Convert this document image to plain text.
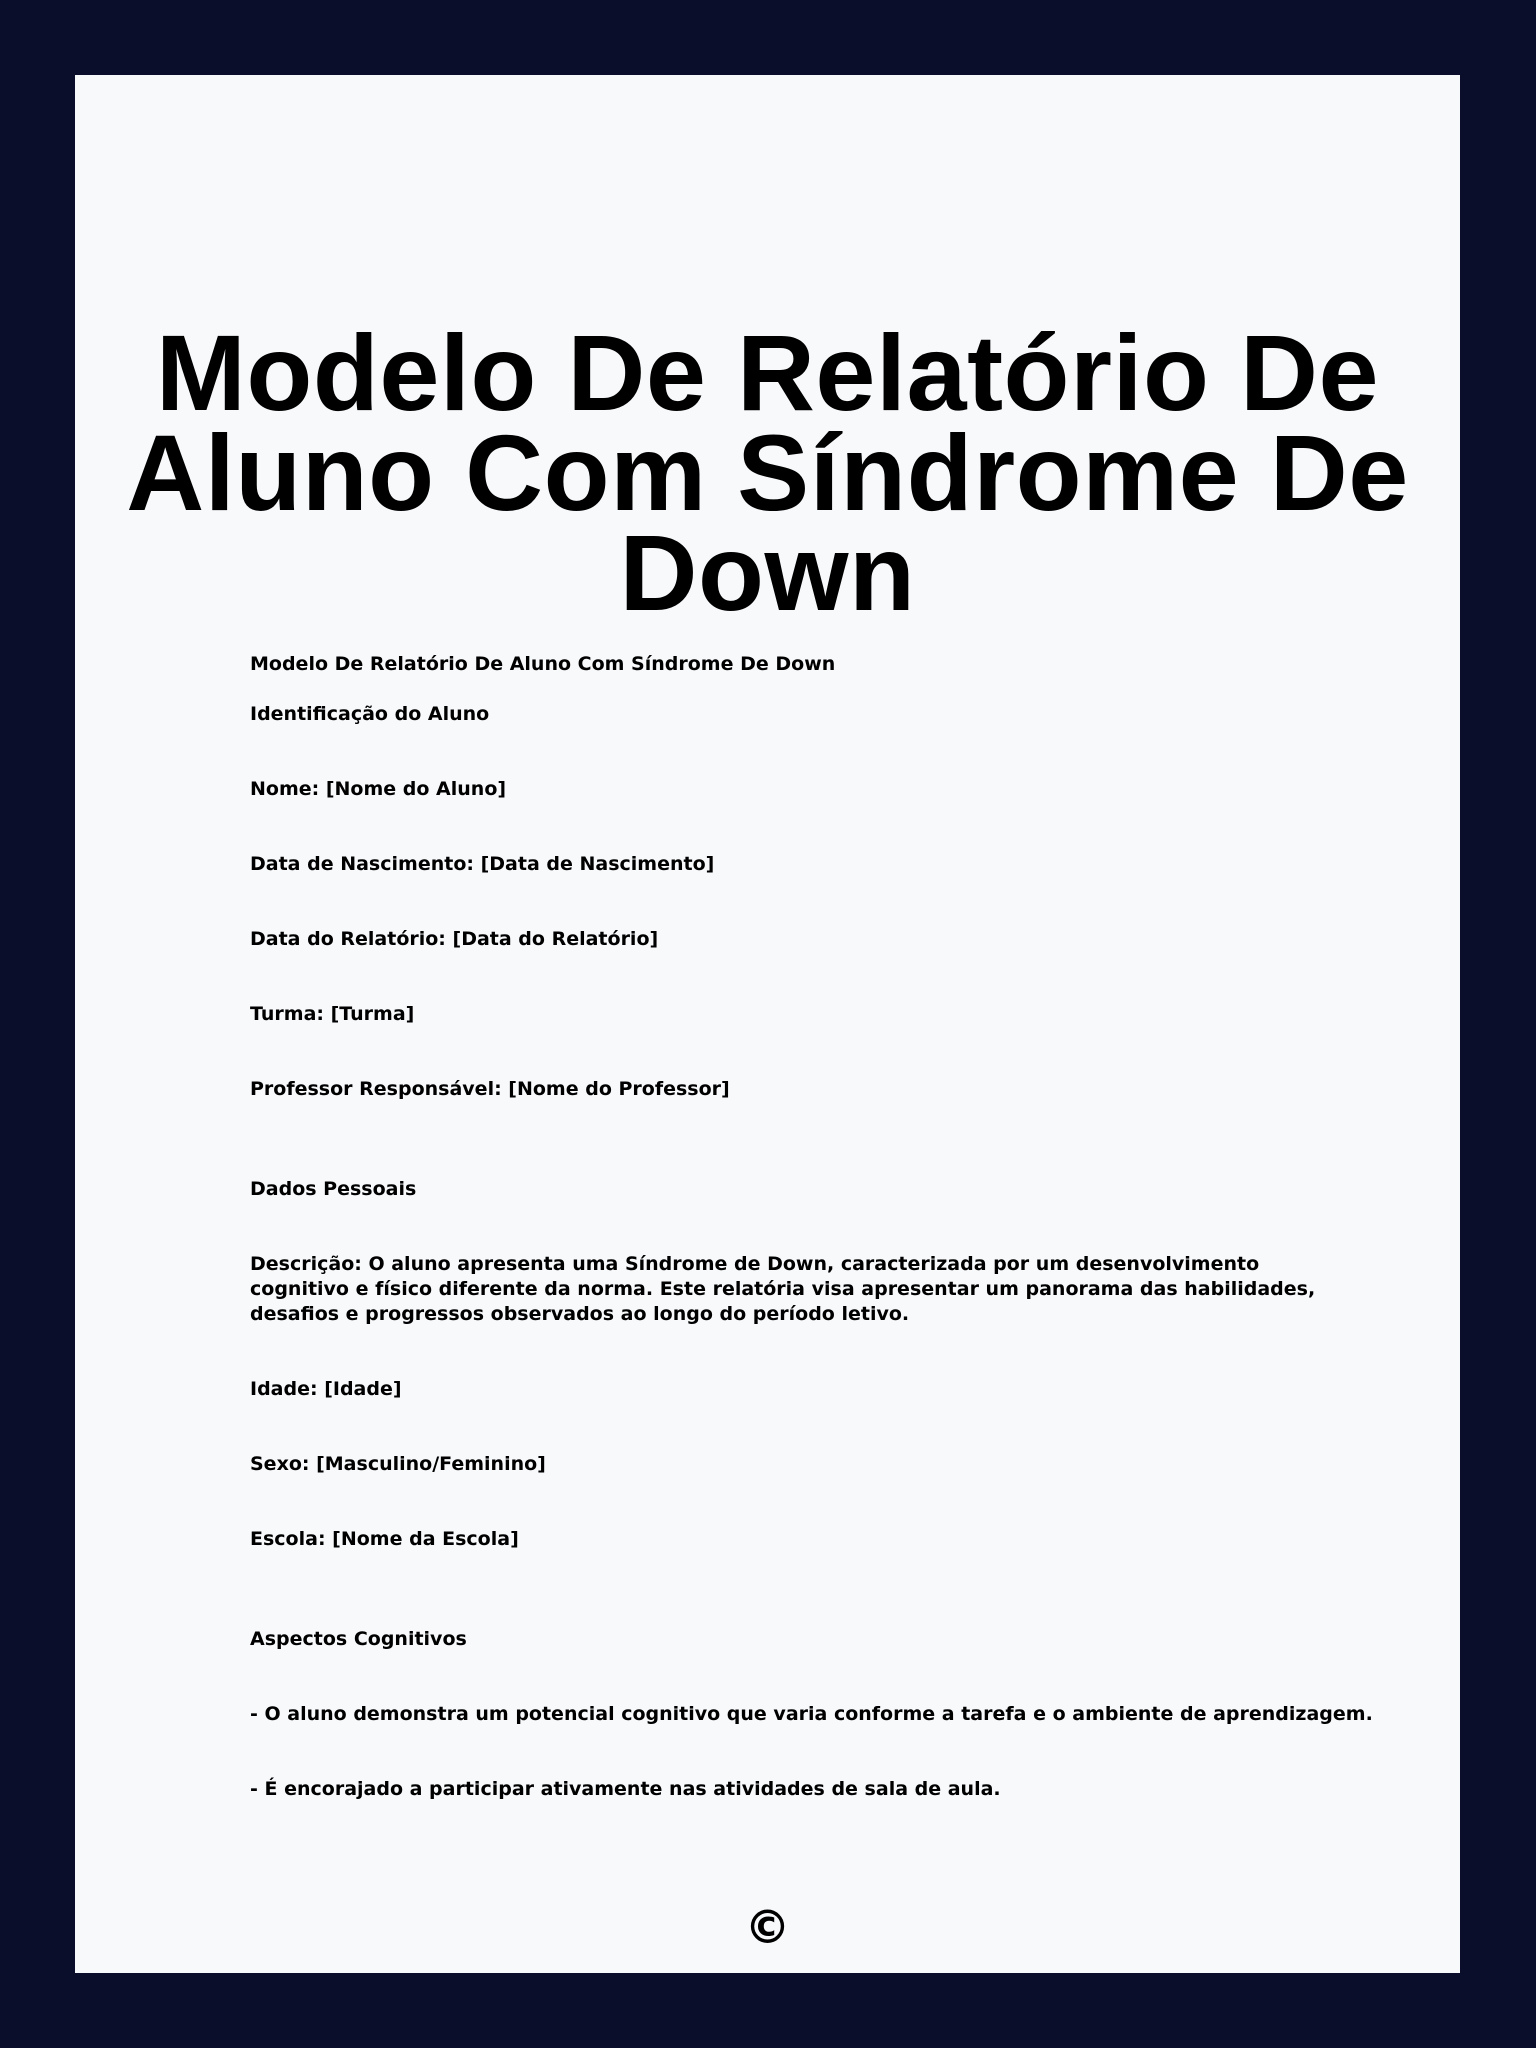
Modelo De Relatório De Aluno Com Síndrome De Down

Modelo De Relatório De Aluno Com Síndrome De Down

Identificação do Aluno

Nome: [Nome do Aluno]

Data de Nascimento: [Data de Nascimento]

Data do Relatório: [Data do Relatório]

Turma: [Turma]

Professor Responsável: [Nome do Professor]

Dados Pessoais

Descrição: O aluno apresenta uma Síndrome de Down, caracterizada por um desenvolvimento cognitivo e físico diferente da norma. Este relatória visa apresentar um panorama das habilidades, desafios e progressos observados ao longo do período letivo.

Idade: [Idade]

Sexo: [Masculino/Feminino]

Escola: [Nome da Escola]

Aspectos Cognitivos

- O aluno demonstra um potencial cognitivo que varia conforme a tarefa e o ambiente de aprendizagem.

- É encorajado a participar ativamente nas atividades de sala de aula.

©
